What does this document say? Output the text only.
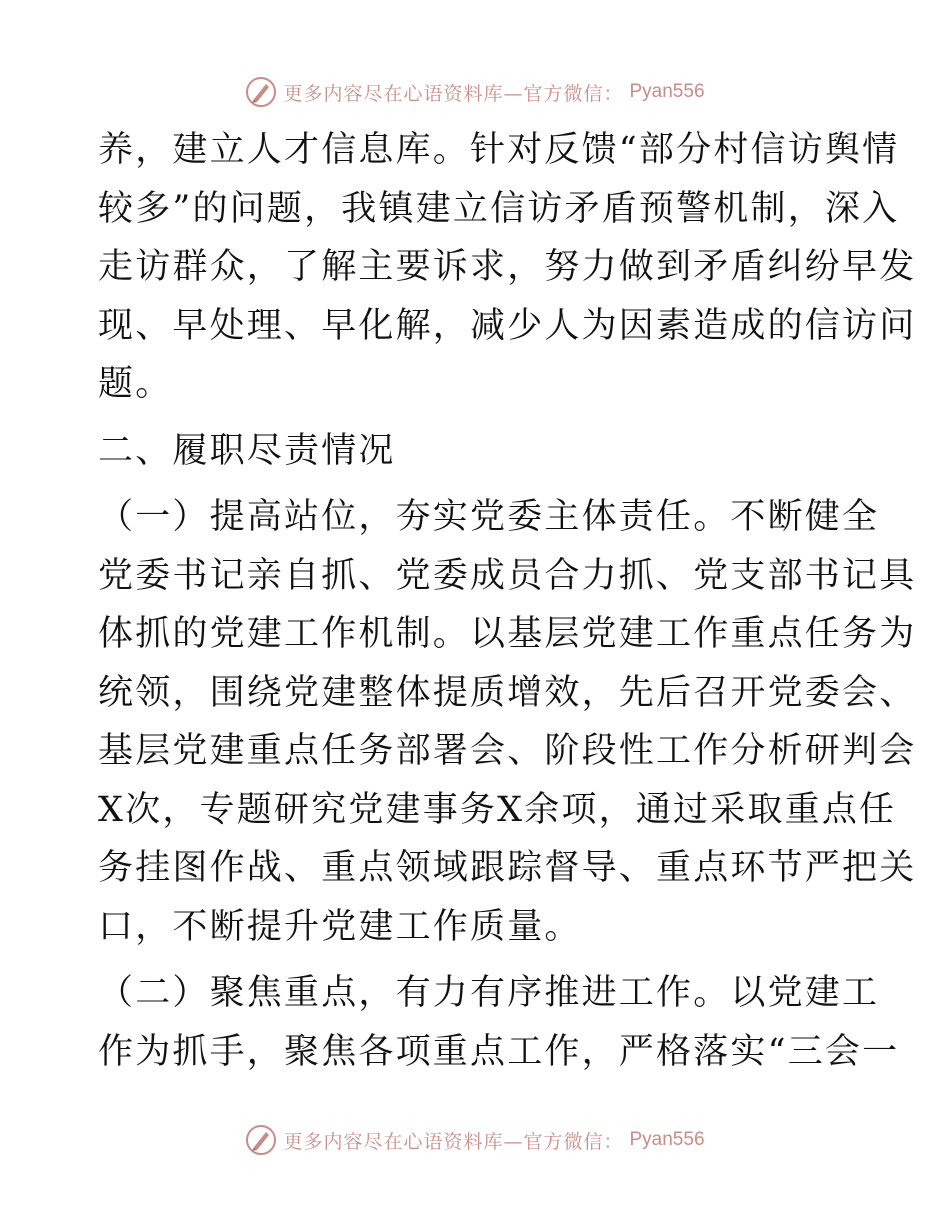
更多内容尽在心语资料库—官方微信： Pyan556
养，建立人才信息库。针对反馈“部分村信访舆情
较多”的问题，我镇建立信访矛盾预警机制，深入
走访群众，了解主要诉求，努力做到矛盾纠纷早发
现、早处理、早化解，减少人为因素造成的信访问
题。
二、履职尽责情况
（一）提高站位，夯实党委主体责任。不断健全
党委书记亲自抓、党委成员合力抓、党支部书记具
体抓的党建工作机制。以基层党建工作重点任务为
统领，围绕党建整体提质增效，先后召开党委会、
基层党建重点任务部署会、阶段性工作分析研判会
X次，专题研究党建事务X余项，通过采取重点任
务挂图作战、重点领域跟踪督导、重点环节严把关
口，不断提升党建工作质量。
（二）聚焦重点，有力有序推进工作。以党建工
作为抓手，聚焦各项重点工作，严格落实“三会一
更多内容尽在心语资料库—官方微信： Pyan556
